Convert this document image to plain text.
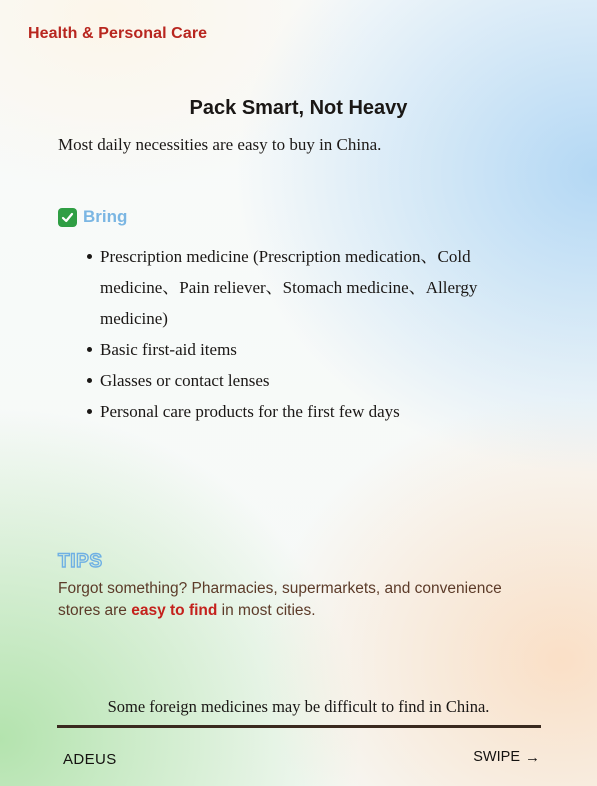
Health & Personal Care
Pack Smart, Not Heavy

Most daily necessities are easy to buy in China.

Bring
Prescription medicine (Prescription medication、Cold medicine、Pain reliever、Stomach medicine、Allergy medicine)
Basic first-aid items
Glasses or contact lenses
Personal care products for the first few days
TIPS

Forgot something? Pharmacies, supermarkets, and convenience stores are easy to find in most cities.

Some foreign medicines may be difficult to find in China.

ADEUS	SWIPE →
